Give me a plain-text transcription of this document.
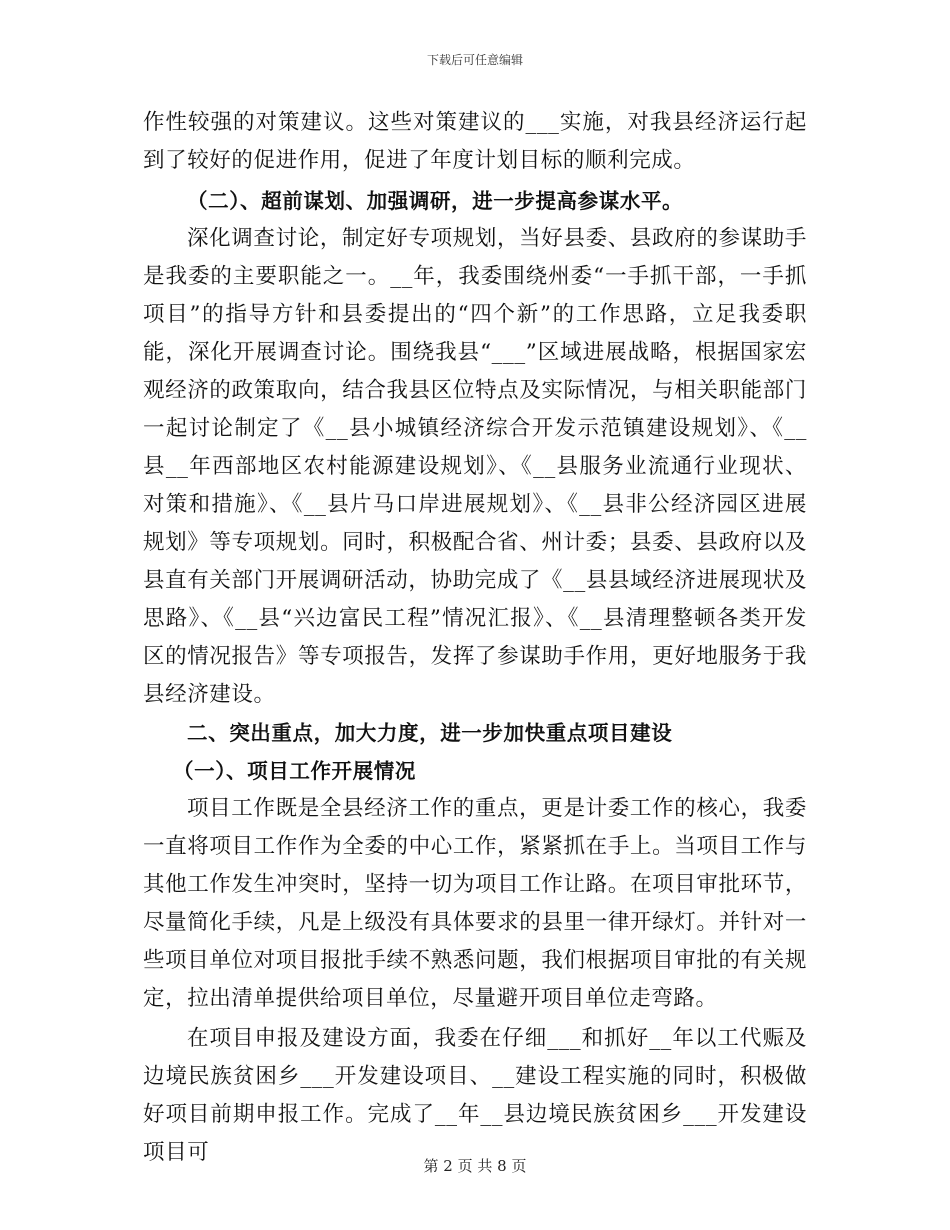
下载后可任意编辑

作性较强的对策建议。这些对策建议的___实施，对我县经济运行起到了较好的促进作用，促进了年度计划目标的顺利完成。

（二）、超前谋划、加强调研，进一步提高参谋水平。

深化调查讨论，制定好专项规划，当好县委、县政府的参谋助手是我委的主要职能之一。__年，我委围绕州委“一手抓干部，一手抓项目”的指导方针和县委提出的“四个新”的工作思路，立足我委职能，深化开展调查讨论。围绕我县“___”区域进展战略，根据国家宏观经济的政策取向，结合我县区位特点及实际情况，与相关职能部门一起讨论制定了《__县小城镇经济综合开发示范镇建设规划》、《__县__年西部地区农村能源建设规划》、《__县服务业流通行业现状、对策和措施》、《__县片马口岸进展规划》、《__县非公经济园区进展规划》等专项规划。同时，积极配合省、州计委；县委、县政府以及县直有关部门开展调研活动，协助完成了《__县县域经济进展现状及思路》、《__县“兴边富民工程”情况汇报》、《__县清理整顿各类开发区的情况报告》等专项报告，发挥了参谋助手作用，更好地服务于我县经济建设。

二、突出重点，加大力度，进一步加快重点项目建设

（一）、项目工作开展情况

项目工作既是全县经济工作的重点，更是计委工作的核心，我委一直将项目工作作为全委的中心工作，紧紧抓在手上。当项目工作与其他工作发生冲突时，坚持一切为项目工作让路。在项目审批环节，尽量简化手续，凡是上级没有具体要求的县里一律开绿灯。并针对一些项目单位对项目报批手续不熟悉问题，我们根据项目审批的有关规定，拉出清单提供给项目单位，尽量避开项目单位走弯路。

在项目申报及建设方面，我委在仔细___和抓好__年以工代赈及边境民族贫困乡___开发建设项目、__建设工程实施的同时，积极做好项目前期申报工作。完成了__年__县边境民族贫困乡___开发建设项目可

第 2 页 共 8 页
